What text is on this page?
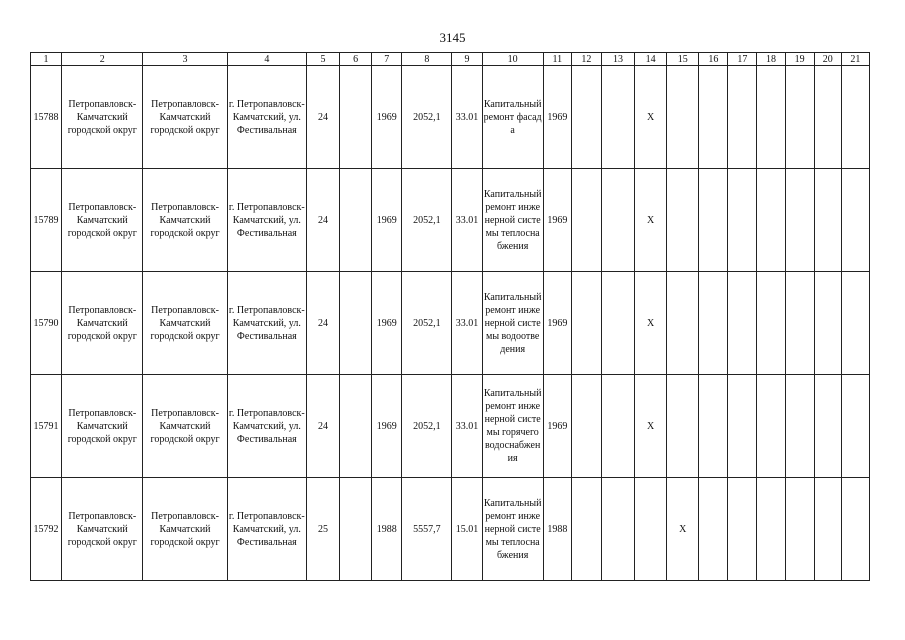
3145
1	2	3	4	5	6	7	8	9	10	11	12	13	14	15	16	17	18	19	20	21
15788	Петропавловск-Камчатский городской округ	Петропавловск-Камчатский городской округ	г. Петропавловск-Камчатский, ул. Фестивальная	24		1969	2052,1	33.01	Капитальный ремонт фасада	1969			X							
15789	Петропавловск-Камчатский городской округ	Петропавловск-Камчатский городской округ	г. Петропавловск-Камчатский, ул. Фестивальная	24		1969	2052,1	33.01	Капитальный ремонт инженерной системы теплоснабжения	1969			X							
15790	Петропавловск-Камчатский городской округ	Петропавловск-Камчатский городской округ	г. Петропавловск-Камчатский, ул. Фестивальная	24		1969	2052,1	33.01	Капитальный ремонт инженерной системы водоотведения	1969			X							
15791	Петропавловск-Камчатский городской округ	Петропавловск-Камчатский городской округ	г. Петропавловск-Камчатский, ул. Фестивальная	24		1969	2052,1	33.01	Капитальный ремонт инженерной системы горячего водоснабжения	1969			X							
15792	Петропавловск-Камчатский городской округ	Петропавловск-Камчатский городской округ	г. Петропавловск-Камчатский, ул. Фестивальная	25		1988	5557,7	15.01	Капитальный ремонт инженерной системы теплоснабжения	1988				X						
